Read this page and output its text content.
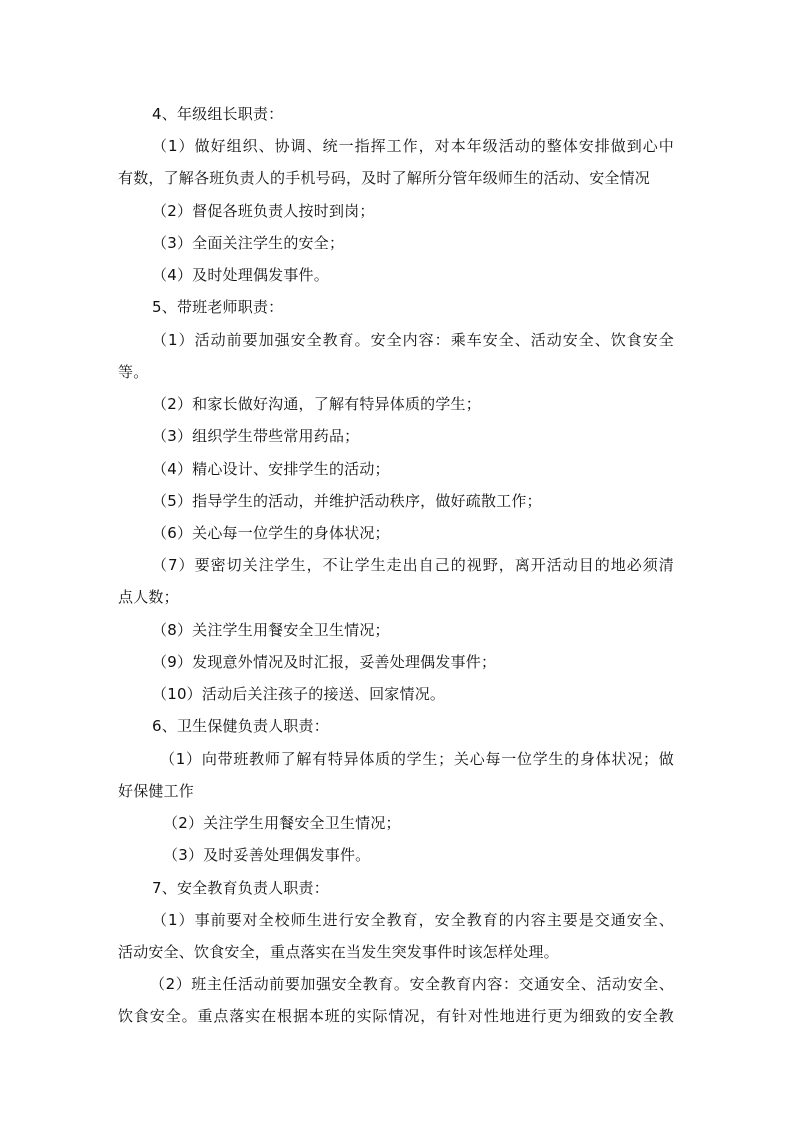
4、年级组长职责：
（1）做好组织、协调、统一指挥工作，对本年级活动的整体安排做到心中
有数，了解各班负责人的手机号码，及时了解所分管年级师生的活动、安全情况
（2）督促各班负责人按时到岗；
（3）全面关注学生的安全；
（4）及时处理偶发事件。
5、带班老师职责：
（1）活动前要加强安全教育。安全内容：乘车安全、活动安全、饮食安全
等。
（2）和家长做好沟通，了解有特异体质的学生；
（3）组织学生带些常用药品；
（4）精心设计、安排学生的活动；
（5）指导学生的活动，并维护活动秩序，做好疏散工作；
（6）关心每一位学生的身体状况；
（7）要密切关注学生，不让学生走出自己的视野，离开活动目的地必须清
点人数；
（8）关注学生用餐安全卫生情况；
（9）发现意外情况及时汇报，妥善处理偶发事件；
（10）活动后关注孩子的接送、回家情况。
6、卫生保健负责人职责：
（1）向带班教师了解有特异体质的学生；关心每一位学生的身体状况；做
好保健工作
（2）关注学生用餐安全卫生情况；
（3）及时妥善处理偶发事件。
7、安全教育负责人职责：
（1）事前要对全校师生进行安全教育，安全教育的内容主要是交通安全、
活动安全、饮食安全，重点落实在当发生突发事件时该怎样处理。
（2）班主任活动前要加强安全教育。安全教育内容：交通安全、活动安全、
饮食安全。重点落实在根据本班的实际情况，有针对性地进行更为细致的安全教
